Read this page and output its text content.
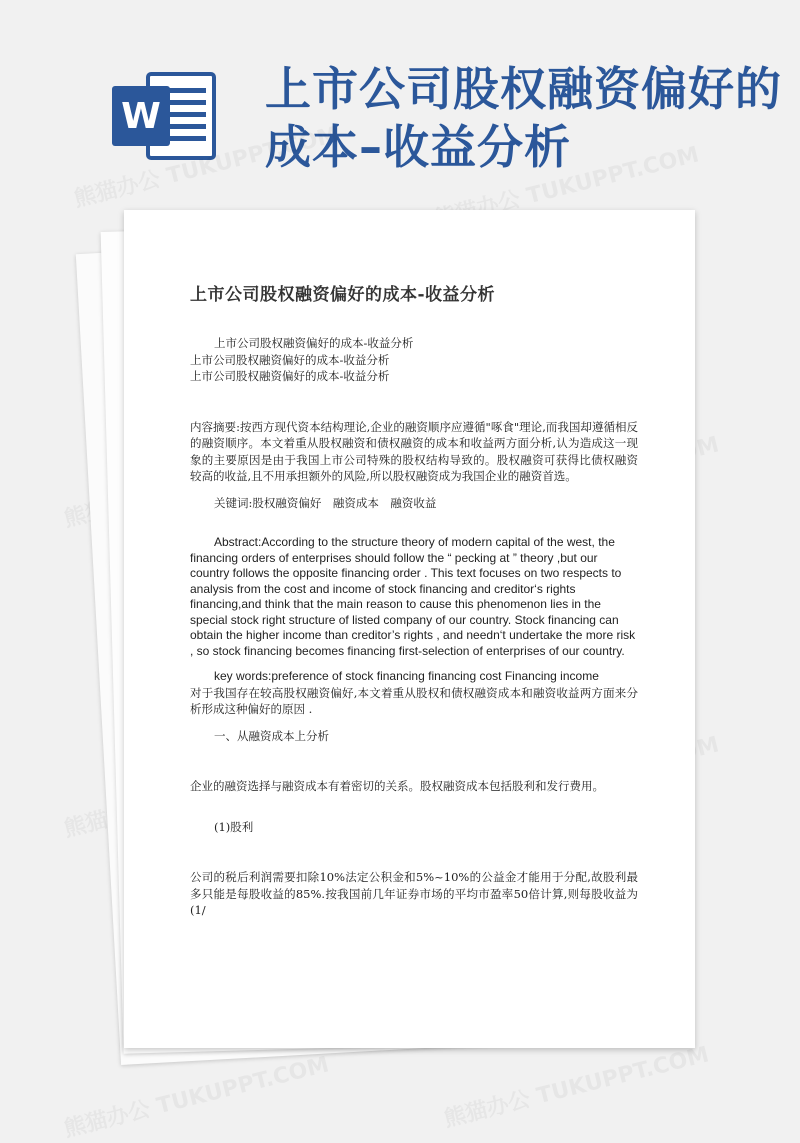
W
上市公司股权融资偏好的成本–收益分析
上市公司股权融资偏好的成本-收益分析

上市公司股权融资偏好的成本-收益分析

上市公司股权融资偏好的成本-收益分析

上市公司股权融资偏好的成本-收益分析

内容摘要:按西方现代资本结构理论,企业的融资顺序应遵循"啄食"理论,而我国却遵循相反的融资顺序。本文着重从股权融资和债权融资的成本和收益两方面分析,认为造成这一现象的主要原因是由于我国上市公司特殊的股权结构导致的。股权融资可获得比债权融资较高的收益,且不用承担额外的风险,所以股权融资成为我国企业的融资首选。

关键词:股权融资偏好　融资成本　融资收益

Abstract:According to the structure theory of modern capital of the west, the financing orders of enterprises should follow the “ pecking at ” theory ,but our country follows the opposite financing order . This text focuses on two respects to analysis from the cost and income of stock financing and creditor‘s rights financing,and think that the main reason to cause this phenomenon lies in the special stock right structure of listed company of our country. Stock financing can obtain the higher income than creditor’s rights , and needn‘t undertake the more risk , so stock financing becomes financing first-selection of enterprises of our country.

key words:preference of stock financing financing cost Financing income

对于我国存在较高股权融资偏好,本文着重从股权和债权融资成本和融资收益两方面来分析形成这种偏好的原因 .

一、从融资成本上分析

企业的融资选择与融资成本有着密切的关系。股权融资成本包括股利和发行费用。

(1)股利

公司的税后利润需要扣除10%法定公积金和5%~10%的公益金才能用于分配,故股利最多只能是每股收益的85%.按我国前几年证券市场的平均市盈率50倍计算,则每股收益为(1/
